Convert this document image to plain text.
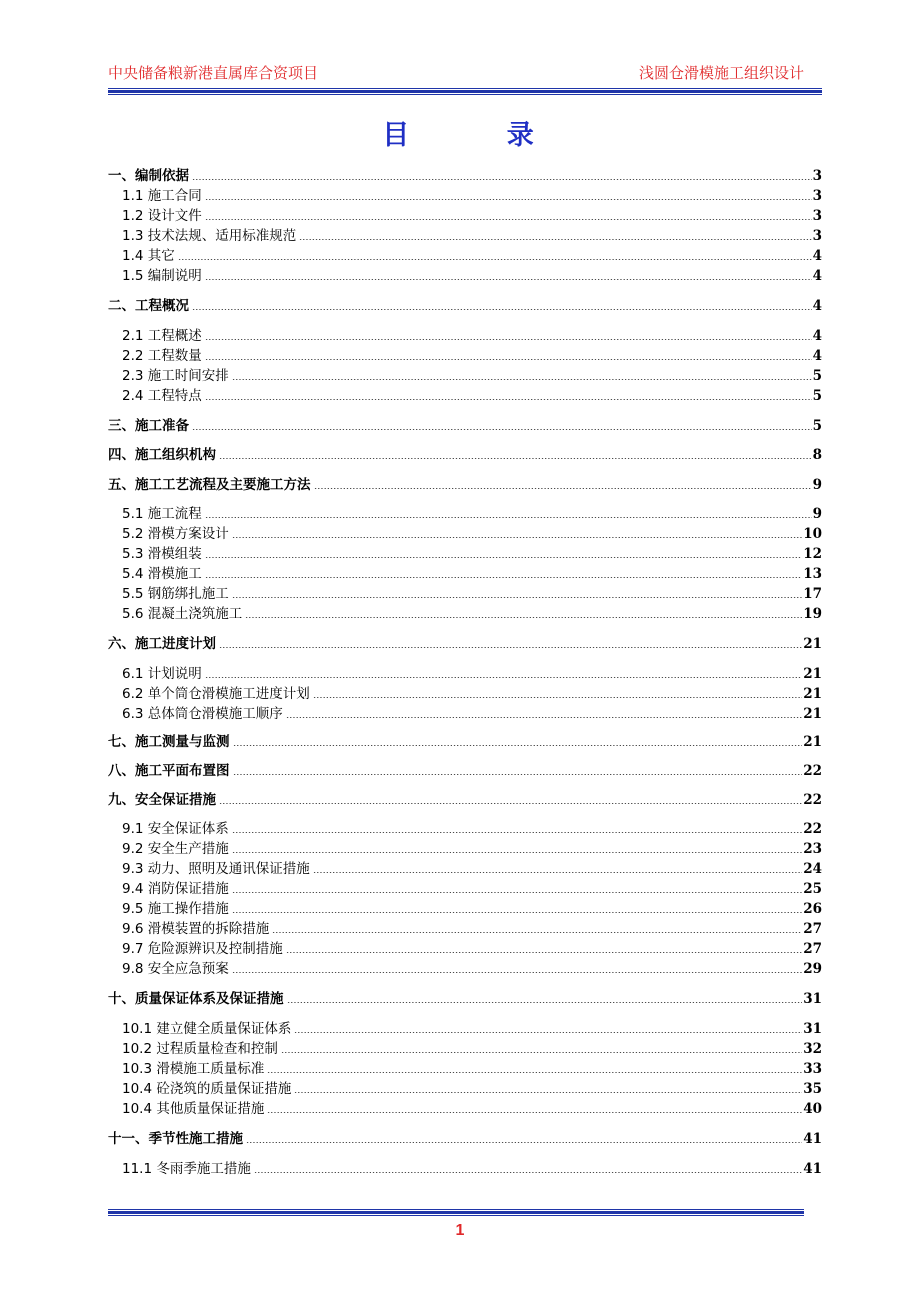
中央储备粮新港直属库合资项目	浅圆仓滑模施工组织设计
目 录
一、编制依据	3
1.1 施工合同	3
1.2 设计文件	3
1.3 技术法规、适用标准规范	3
1.4 其它	4
1.5 编制说明	4
二、工程概况	4
2.1 工程概述	4
2.2 工程数量	4
2.3 施工时间安排	5
2.4 工程特点	5
三、施工准备	5
四、施工组织机构	8
五、施工工艺流程及主要施工方法	9
5.1 施工流程	9
5.2 滑模方案设计	10
5.3 滑模组装	12
5.4 滑模施工	13
5.5 钢筋绑扎施工	17
5.6 混凝土浇筑施工	19
六、施工进度计划	21
6.1 计划说明	21
6.2 单个筒仓滑模施工进度计划	21
6.3 总体筒仓滑模施工顺序	21
七、施工测量与监测	21
八、施工平面布置图	22
九、安全保证措施	22
9.1 安全保证体系	22
9.2 安全生产措施	23
9.3 动力、照明及通讯保证措施	24
9.4 消防保证措施	25
9.5 施工操作措施	26
9.6 滑模装置的拆除措施	27
9.7 危险源辨识及控制措施	27
9.8 安全应急预案	29
十、质量保证体系及保证措施	31
10.1 建立健全质量保证体系	31
10.2 过程质量检查和控制	32
10.3 滑模施工质量标准	33
10.4 砼浇筑的质量保证措施	35
10.4 其他质量保证措施	40
十一、季节性施工措施	41
11.1 冬雨季施工措施	41
1
